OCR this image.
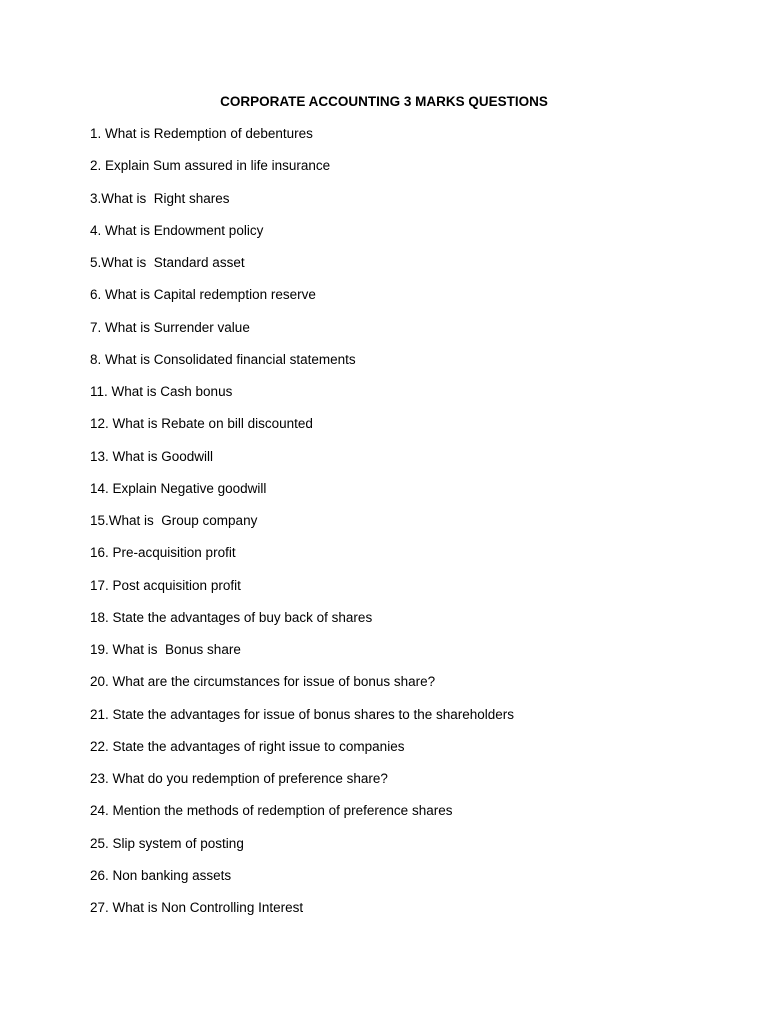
CORPORATE ACCOUNTING 3 MARKS QUESTIONS
1. What is Redemption of debentures
2. Explain Sum assured in life insurance
3.What is  Right shares
4. What is Endowment policy
5.What is  Standard asset
6. What is Capital redemption reserve
7. What is Surrender value
8. What is Consolidated financial statements
11. What is Cash bonus
12. What is Rebate on bill discounted
13. What is Goodwill
14. Explain Negative goodwill
15.What is  Group company
16. Pre-acquisition profit
17. Post acquisition profit
18. State the advantages of buy back of shares
19. What is  Bonus share
20. What are the circumstances for issue of bonus share?
21. State the advantages for issue of bonus shares to the shareholders
22. State the advantages of right issue to companies
23. What do you redemption of preference share?
24. Mention the methods of redemption of preference shares
25. Slip system of posting
26. Non banking assets
27. What is Non Controlling Interest
